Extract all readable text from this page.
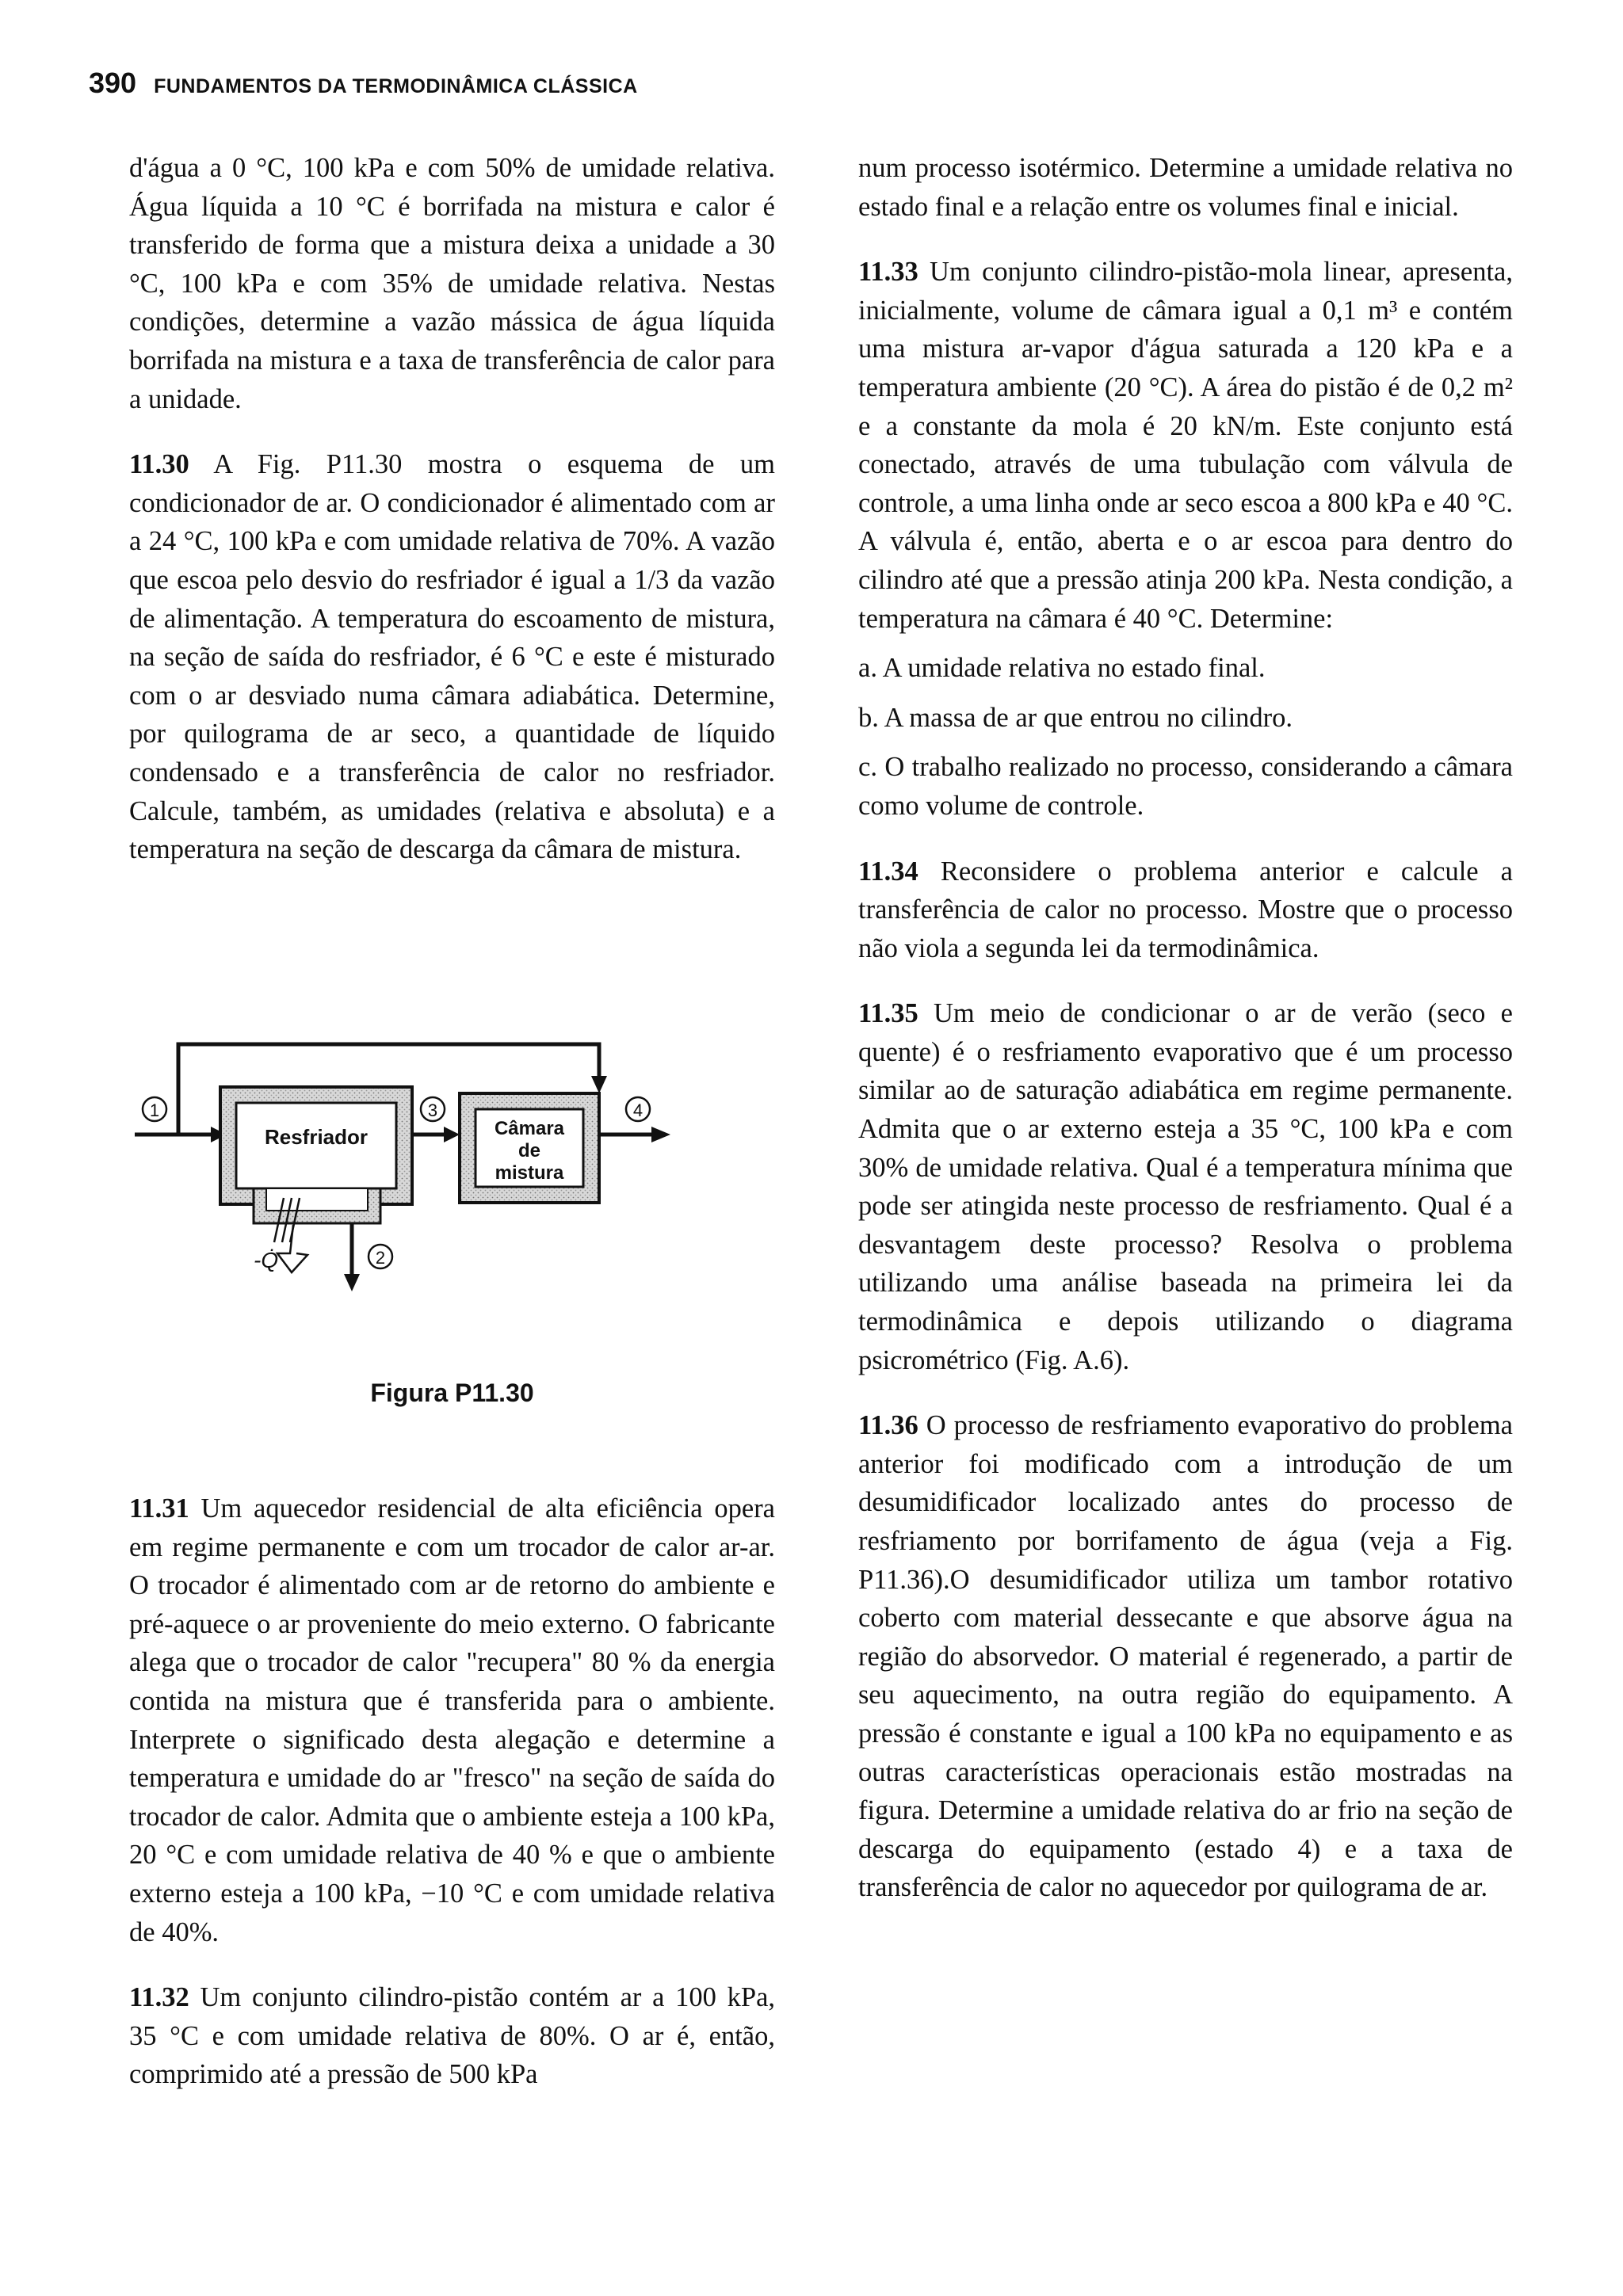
390 FUNDAMENTOS DA TERMODINÂMICA CLÁSSICA

d'água a 0 °C, 100 kPa e com 50% de umidade relativa. Água líquida a 10 °C é borrifada na mistura e calor é transferido de forma que a mistura deixa a unidade a 30 °C, 100 kPa e com 35% de umidade relativa. Nestas condições, determine a vazão mássica de água líquida borrifada na mistura e a taxa de transferência de calor para a unidade.

11.30 A Fig. P11.30 mostra o esquema de um condicionador de ar. O condicionador é alimentado com ar a 24 °C, 100 kPa e com umidade relativa de 70%. A vazão que escoa pelo desvio do resfriador é igual a 1/3 da vazão de alimentação. A temperatura do escoamento de mistura, na seção de saída do resfriador, é 6 °C e este é misturado com o ar desviado numa câmara adiabática. Determine, por quilograma de ar seco, a quantidade de líquido condensado e a transferência de calor no resfriador. Calcule, também, as umidades (relativa e absoluta) e a temperatura na seção de descarga da câmara de mistura.

Resfriador	Câmara
de
mistura
-Q̇
1	3	4
2
Figura P11.30

11.31 Um aquecedor residencial de alta eficiência opera em regime permanente e com um trocador de calor ar-ar. O trocador é alimentado com ar de retorno do ambiente e pré-aquece o ar proveniente do meio externo. O fabricante alega que o trocador de calor "recupera" 80 % da energia contida na mistura que é transferida para o ambiente. Interprete o significado desta alegação e determine a temperatura e umidade do ar "fresco" na seção de saída do trocador de calor. Admita que o ambiente esteja a 100 kPa, 20 °C e com umidade relativa de 40 % e que o ambiente externo esteja a 100 kPa, −10 °C e com umidade relativa de 40%.

11.32 Um conjunto cilindro-pistão contém ar a 100 kPa, 35 °C e com umidade relativa de 80%. O ar é, então, comprimido até a pressão de 500 kPa

num processo isotérmico. Determine a umidade relativa no estado final e a relação entre os volumes final e inicial.

11.33 Um conjunto cilindro-pistão-mola linear, apresenta, inicialmente, volume de câmara igual a 0,1 m³ e contém uma mistura ar-vapor d'água saturada a 120 kPa e a temperatura ambiente (20 °C). A área do pistão é de 0,2 m² e a constante da mola é 20 kN/m. Este conjunto está conectado, através de uma tubulação com válvula de controle, a uma linha onde ar seco escoa a 800 kPa e 40 °C. A válvula é, então, aberta e o ar escoa para dentro do cilindro até que a pressão atinja 200 kPa. Nesta condição, a temperatura na câmara é 40 °C. Determine:

a. A umidade relativa no estado final.

b. A massa de ar que entrou no cilindro.

c. O trabalho realizado no processo, considerando a câmara como volume de controle.

11.34 Reconsidere o problema anterior e calcule a transferência de calor no processo. Mostre que o processo não viola a segunda lei da termodinâmica.

11.35 Um meio de condicionar o ar de verão (seco e quente) é o resfriamento evaporativo que é um processo similar ao de saturação adiabática em regime permanente. Admita que o ar externo esteja a 35 °C, 100 kPa e com 30% de umidade relativa. Qual é a temperatura mínima que pode ser atingida neste processo de resfriamento. Qual é a desvantagem deste processo? Resolva o problema utilizando uma análise baseada na primeira lei da termodinâmica e depois utilizando o diagrama psicrométrico (Fig. A.6).

11.36 O processo de resfriamento evaporativo do problema anterior foi modificado com a introdução de um desumidificador localizado antes do processo de resfriamento por borrifamento de água (veja a Fig. P11.36).O desumidificador utiliza um tambor rotativo coberto com material dessecante e que absorve água na região do absorvedor. O material é regenerado, a partir de seu aquecimento, na outra região do equipamento. A pressão é constante e igual a 100 kPa no equipamento e as outras características operacionais estão mostradas na figura. Determine a umidade relativa do ar frio na seção de descarga do equipamento (estado 4) e a taxa de transferência de calor no aquecedor por quilograma de ar.
